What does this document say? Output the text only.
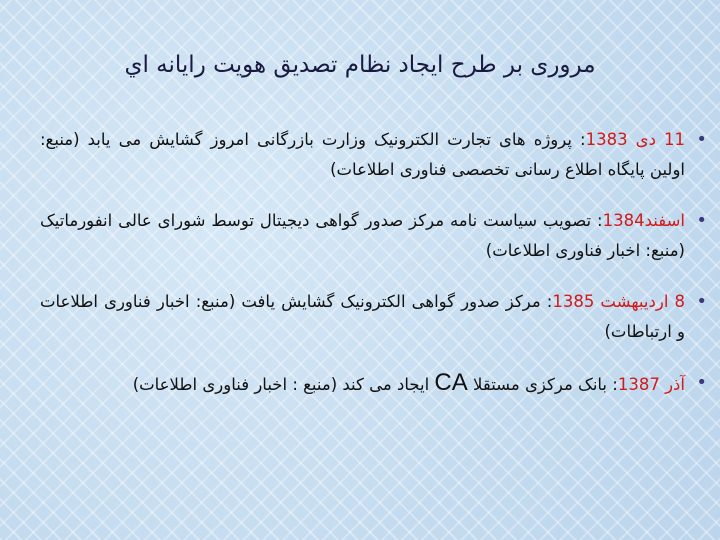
مروری بر طرح ايجاد نظام تصديق هويت رايانه اي
•
11 دی 1383: پروژه های تجارت الکترونیک وزارت بازرگانی امروز گشایش می یابد (منبع: اولین پایگاه اطلاع رسانی تخصصی فناوری اطلاعات)
•
اسفند1384: تصویب سیاست نامه مرکز صدور گواهی دیجیتال توسط شورای عالی انفورماتیک (منبع: اخبار فناوری اطلاعات)
•
8 اردیبهشت 1385: مرکز صدور گواهی الکترونیک گشایش یافت (منبع: اخبار فناوری اطلاعات و ارتباطات)
•
آذر 1387: بانک مرکزی مستقلا CA ایجاد می کند (منبع : اخبار فناوری اطلاعات)
